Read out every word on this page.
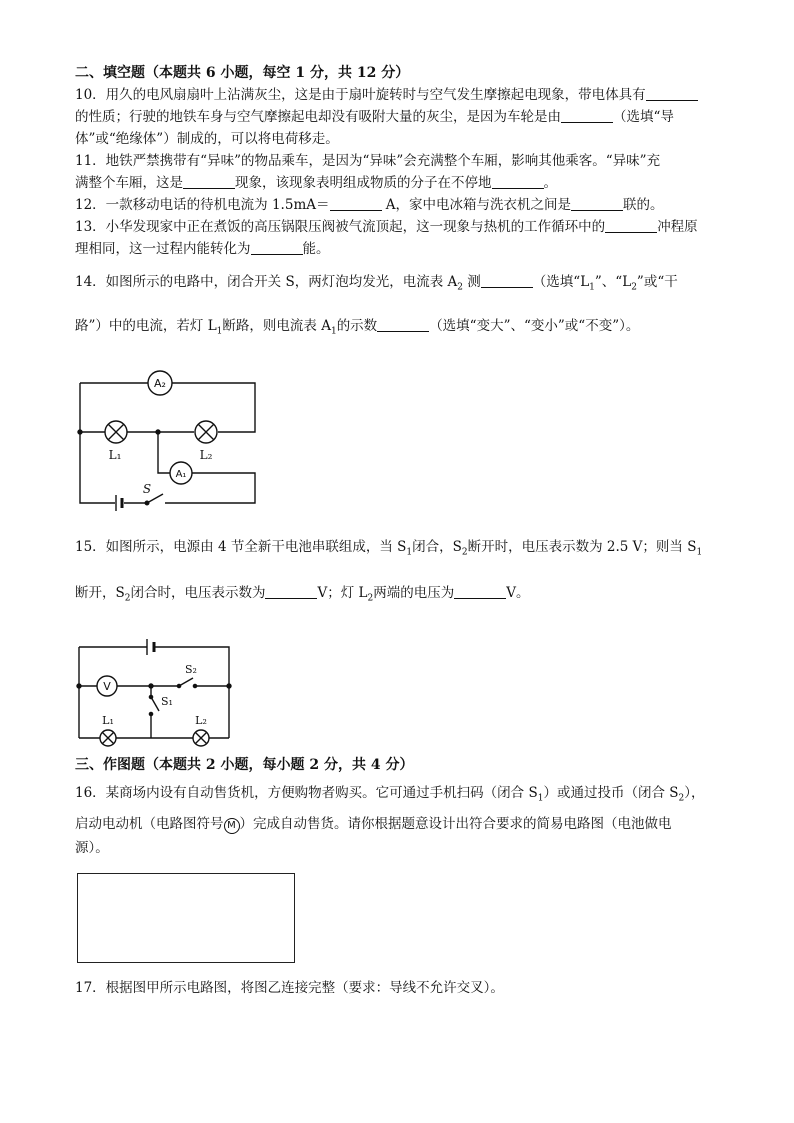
二、填空题（本题共 6 小题，每空 1 分，共 12 分）

10．用久的电风扇扇叶上沾满灰尘，这是由于扇叶旋转时与空气发生摩擦起电现象，带电体具有

的性质；行驶的地铁车身与空气摩擦起电却没有吸附大量的灰尘，是因为车轮是由	（选填“导

体”或“绝缘体”）制成的，可以将电荷移走。

11．地铁严禁携带有“异味”的物品乘车，是因为“异味”会充满整个车厢，影响其他乘客。“异味”充

满整个车厢，这是	现象，该现象表明组成物质的分子在不停地	。

12．一款移动电话的待机电流为 1.5mA＝	A，家中电冰箱与洗衣机之间是	联的。

13．小华发现家中正在煮饭的高压锅限压阀被气流顶起，这一现象与热机的工作循环中的	冲程原

理相同，这一过程内能转化为	能。

14．如图所示的电路中，闭合开关 S，两灯泡均发光，电流表 $A_2$ 测	（选填“$L_1$”、“$L_2$”或“干

路”）中的电流，若灯 $L_1$断路，则电流表 $A_1$的示数	（选填“变大”、“变小”或“不变”）。

A₂
L₁	L₂
A₁
S

15．如图所示，电源由 4 节全新干电池串联组成，当 $S_1$闭合，$S_2$断开时，电压表示数为 2.5 V；则当 $S_1$

断开，$S_2$闭合时，电压表示数为	V；灯 $L_2$两端的电压为	V。

V
S₂
S₁
L₁	L₂

三、作图题（本题共 2 小题，每小题 2 分，共 4 分）

16．某商场内设有自动售货机，方便购物者购买。它可通过手机扫码（闭合 $S_1$）或通过投币（闭合 $S_2$），

启动电动机（电路图符号 M ）完成自动售货。请你根据题意设计出符合要求的简易电路图（电池做电

源）。

17．根据图甲所示电路图，将图乙连接完整（要求：导线不允许交叉）。
